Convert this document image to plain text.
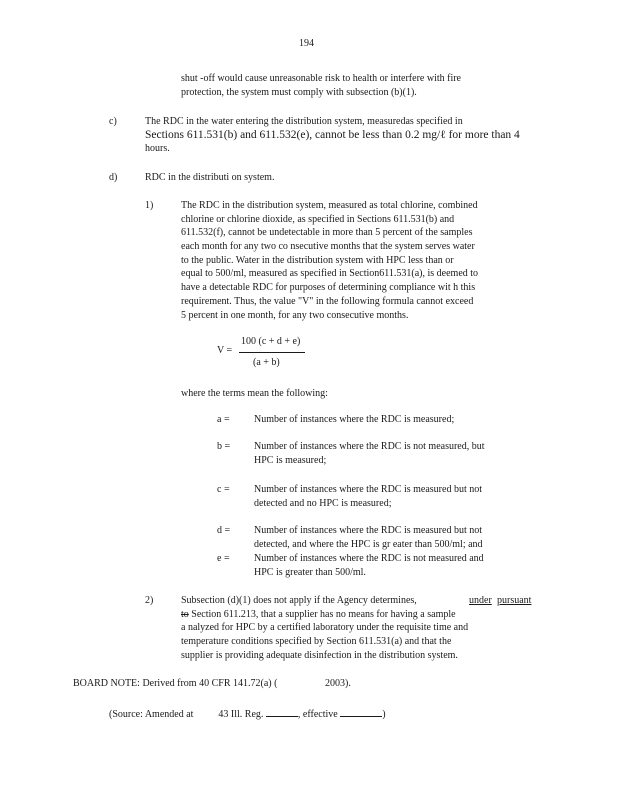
194
shut -off would cause unreasonable risk to health or interfere with fire
protection, the system must comply with subsection (b)(1).
c)	The RDC in the water entering the distribution system, measuredas specified in
Sections 611.531(b) and 611.532(e), cannot be less than 0.2 mg/ℓ for more than 4
hours.
d)	RDC in the distributi on system.
1)	The RDC in the distribution system, measured as total chlorine, combined
chlorine or chlorine dioxide, as specified in Sections 611.531(b) and
611.532(f), cannot be undetectable in more than 5 percent of the samples
each month for any two co nsecutive months that the system serves water
to the public. Water in the distribution system with HPC less than or
equal to 500/ml, measured as specified in Section611.531(a), is deemed to
have a detectable RDC for purposes of determining compliance wit h this
requirement. Thus, the value "V" in the following formula cannot exceed
5 percent in one month, for any two consecutive months.
V =
100 (c + d + e)
(a + b)
where the terms mean the following:
a = Number of instances where the RDC is measured;
b = Number of instances where the RDC is not measured, but
HPC is measured;
c = Number of instances where the RDC is measured but not
detected and no HPC is measured;
d = Number of instances where the RDC is measured but not
detected, and where the HPC is gr eater than 500/ml; and
e = Number of instances where the RDC is not measured and
HPC is greater than 500/ml.
2)	Subsection (d)(1) does not apply if the Agency determines,	under pursuant
to Section 611.213, that a supplier has no means for having a sample
a nalyzed for HPC by a certified laboratory under the requisite time and
temperature conditions specified by Section 611.531(a) and that the
supplier is providing adequate disinfection in the distribution system.
BOARD NOTE: Derived from 40 CFR 141.72(a) (	2003).
(Source: Amended at	43 Ill. Reg.	, effective	)
